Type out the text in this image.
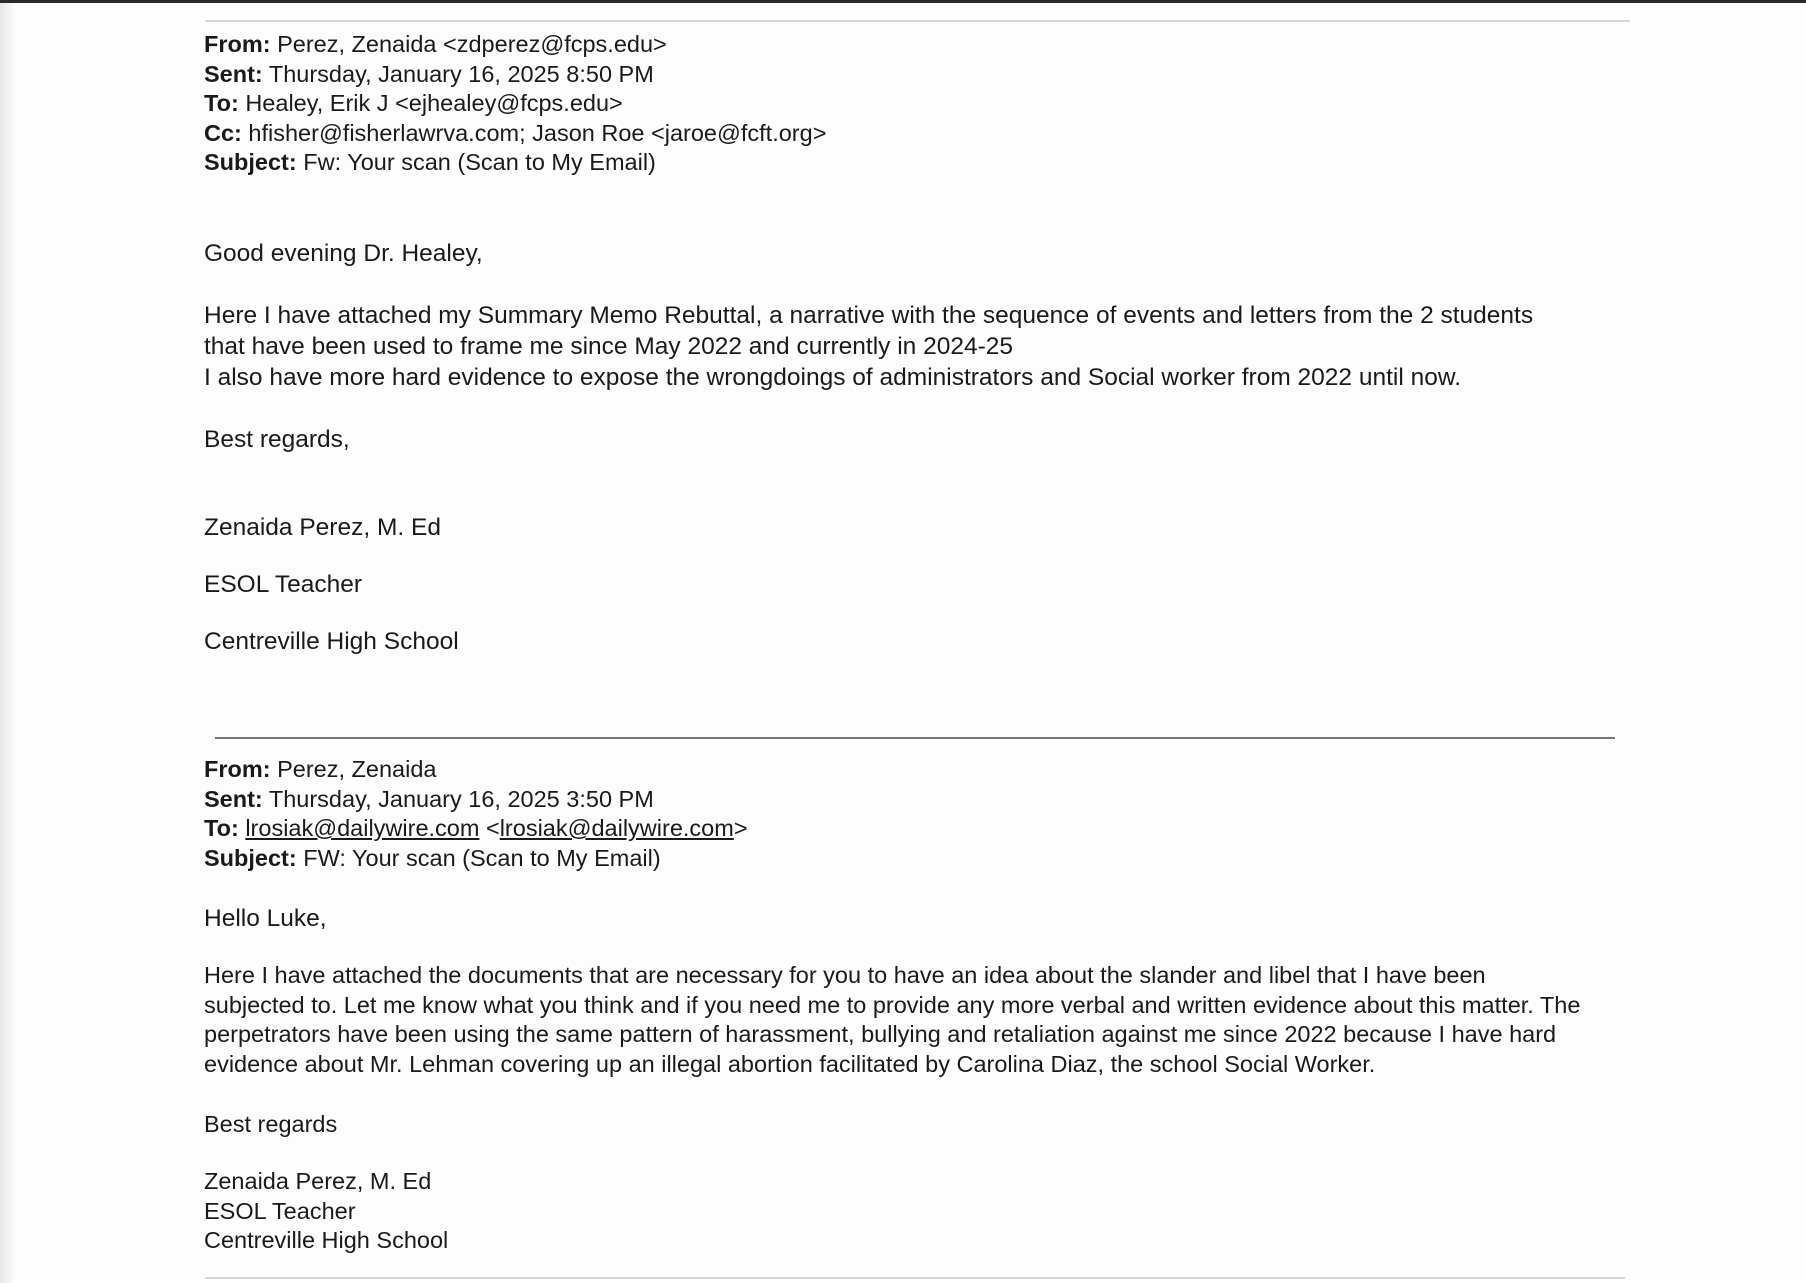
From: Perez, Zenaida <zdperez@fcps.edu>
Sent: Thursday, January 16, 2025 8:50 PM
To: Healey, Erik J <ejhealey@fcps.edu>
Cc: hfisher@fisherlawrva.com; Jason Roe <jaroe@fcft.org>
Subject: Fw: Your scan (Scan to My Email)
Good evening Dr. Healey,
Here I have attached my Summary Memo Rebuttal, a narrative with the sequence of events and letters from the 2 students
that have been used to frame me since May 2022 and currently in 2024-25
I also have more hard evidence to expose the wrongdoings of administrators and Social worker from 2022 until now.
Best regards,
Zenaida Perez, M. Ed
ESOL Teacher
Centreville High School
From: Perez, Zenaida
Sent: Thursday, January 16, 2025 3:50 PM
To: lrosiak@dailywire.com <lrosiak@dailywire.com>
Subject: FW: Your scan (Scan to My Email)
Hello Luke,
Here I have attached the documents that are necessary for you to have an idea about the slander and libel that I have been
subjected to. Let me know what you think and if you need me to provide any more verbal and written evidence about this matter. The
perpetrators have been using the same pattern of harassment, bullying and retaliation against me since 2022 because I have hard
evidence about Mr. Lehman covering up an illegal abortion facilitated by Carolina Diaz, the school Social Worker.
Best regards
Zenaida Perez, M. Ed
ESOL Teacher
Centreville High School
